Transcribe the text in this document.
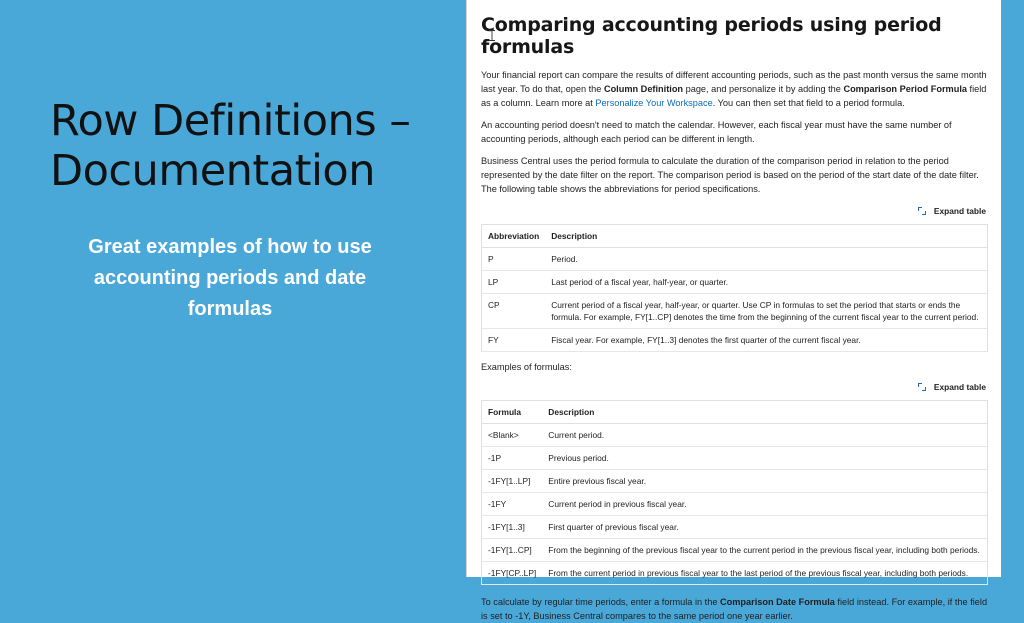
Row Definitions – Documentation
Great examples of how to use accounting periods and date formulas
Comparing accounting periods using period formulas

Your financial report can compare the results of different accounting periods, such as the past month versus the same month last year. To do that, open the Column Definition page, and personalize it by adding the Comparison Period Formula field as a column. Learn more at Personalize Your Workspace. You can then set that field to a period formula.

An accounting period doesn't need to match the calendar. However, each fiscal year must have the same number of accounting periods, although each period can be different in length.

Business Central uses the period formula to calculate the duration of the comparison period in relation to the period represented by the date filter on the report. The comparison period is based on the period of the start date of the date filter. The following table shows the abbreviations for period specifications.

Expand table
Abbreviation	Description
P	Period.
LP	Last period of a fiscal year, half-year, or quarter.
CP	Current period of a fiscal year, half-year, or quarter. Use CP in formulas to set the period that starts or ends the formula. For example, FY[1..CP] denotes the time from the beginning of the current fiscal year to the current period.
FY	Fiscal year. For example, FY[1..3] denotes the first quarter of the current fiscal year.
Examples of formulas:
Expand table
Formula	Description
<Blank>	Current period.
-1P	Previous period.
-1FY[1..LP]	Entire previous fiscal year.
-1FY	Current period in previous fiscal year.
-1FY[1..3]	First quarter of previous fiscal year.
-1FY[1..CP]	From the beginning of the previous fiscal year to the current period in the previous fiscal year, including both periods.
-1FY[CP..LP]	From the current period in previous fiscal year to the last period of the previous fiscal year, including both periods.

To calculate by regular time periods, enter a formula in the Comparison Date Formula field instead. For example, if the field is set to -1Y, Business Central compares to the same period one year earlier.
